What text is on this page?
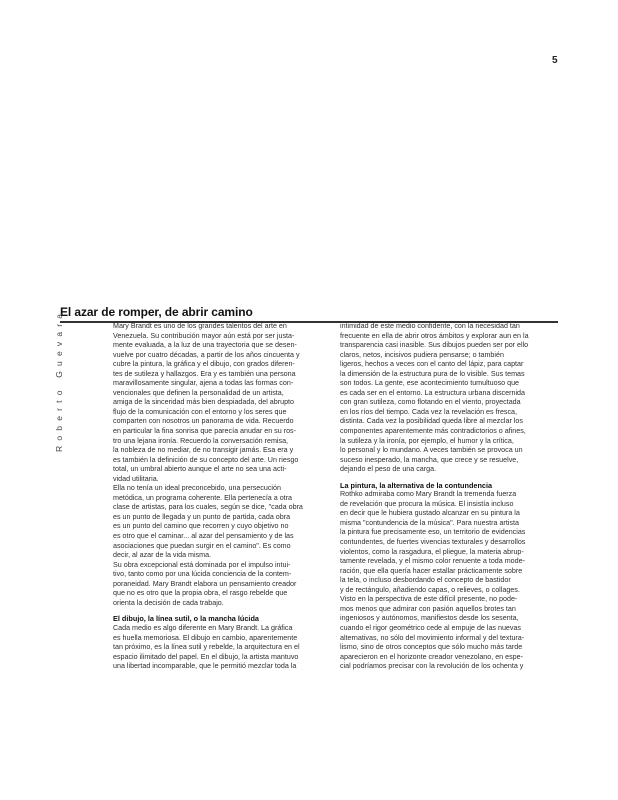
5
El azar de romper, de abrir camino
Roberto Guevara	Mary Brandt es uno de los grandes talentos del arte en
Venezuela. Su contribución mayor aún está por ser justa-
mente evaluada, a la luz de una trayectoria que se desen-
vuelve por cuatro décadas, a partir de los años cincuenta y
cubre la pintura, la gráfica y el dibujo, con grados diferen-
tes de sutileza y hallazgos. Era y es también una persona
maravillosamente singular, ajena a todas las formas con-
vencionales que definen la personalidad de un artista,
amiga de la sinceridad más bien despiadada, del abrupto
flujo de la comunicación con el entorno y los seres que
comparten con nosotros un panorama de vida. Recuerdo
en particular la fina sonrisa que parecía anudar en su ros-
tro una lejana ironía. Recuerdo la conversación remisa,
la nobleza de no mediar, de no transigir jamás. Esa era y
es también la definición de su concepto del arte. Un riesgo
total, un umbral abierto aunque el arte no sea una acti-
vidad utilitaria.

Ella no tenía un ideal preconcebido, una persecución
metódica, un programa coherente. Ella pertenecía a otra
clase de artistas, para los cuales, según se dice, "cada obra
es un punto de llegada y un punto de partida, cada obra
es un punto del camino que recorren y cuyo objetivo no
es otro que el caminar... al azar del pensamiento y de las
asociaciones que puedan surgir en el camino". Es como
decir, al azar de la vida misma.

Su obra excepcional está dominada por el impulso intui-
tivo, tanto como por una lúcida conciencia de la contem-
poraneidad. Mary Brandt elabora un pensamiento creador
que no es otro que la propia obra, el rasgo rebelde que
orienta la decisión de cada trabajo.

El dibujo, la línea sutil, o la mancha lúcida

Cada medio es algo diferente en Mary Brandt. La gráfica
es huella memoriosa. El dibujo en cambio, aparentemente
tan próximo, es la línea sutil y rebelde, la arquitectura en el
espacio ilimitado del papel. En el dibujo, la artista mantuvo
una libertad incomparable, que le permitió mezclar toda la

intimidad de este medio confidente, con la necesidad tan
frecuente en ella de abrir otros ámbitos y explorar aun en la
transparencia casi inasible. Sus dibujos pueden ser por ello
claros, netos, incisivos pudiera pensarse; o también
ligeros, hechos a veces con el canto del lápiz, para captar
la dimensión de la estructura pura de lo visible. Sus temas
son todos. La gente, ese acontecimiento tumultuoso que
es cada ser en el entorno. La estructura urbana discernida
con gran sutileza, como flotando en el viento, proyectada
en los ríos del tiempo. Cada vez la revelación es fresca,
distinta. Cada vez la posibilidad queda libre al mezclar los
componentes aparentemente más contradictorios o afines,
la sutileza y la ironía, por ejemplo, el humor y la crítica,
lo personal y lo mundano. A veces también se provoca un
suceso inesperado, la mancha, que crece y se resuelve,
dejando el peso de una carga.

La pintura, la alternativa de la contundencia

Rothko admiraba como Mary Brandt la tremenda fuerza
de revelación que procura la música. El insistía incluso
en decir que le hubiera gustado alcanzar en su pintura la
misma "contundencia de la música". Para nuestra artista
la pintura fue precisamente eso, un territorio de evidencias
contundentes, de fuertes vivencias texturales y desarrollos
violentos, como la rasgadura, el pliegue, la materia abrup-
tamente revelada, y el mismo color renuente a toda mode-
ración, que ella quería hacer estallar prácticamente sobre
la tela, o incluso desbordando el concepto de bastidor
y de rectángulo, añadiendo capas, o relieves, o collages.
Visto en la perspectiva de este difícil presente, no pode-
mos menos que admirar con pasión aquellos brotes tan
ingeniosos y autónomos, manifiestos desde los sesenta,
cuando el rigor geométrico cede al empuje de las nuevas
alternativas, no sólo del movimiento informal y del textura-
lismo, sino de otros conceptos que sólo mucho más tarde
aparecieron en el horizonte creador venezolano, en espe-
cial podríamos precisar con la revolución de los ochenta y
